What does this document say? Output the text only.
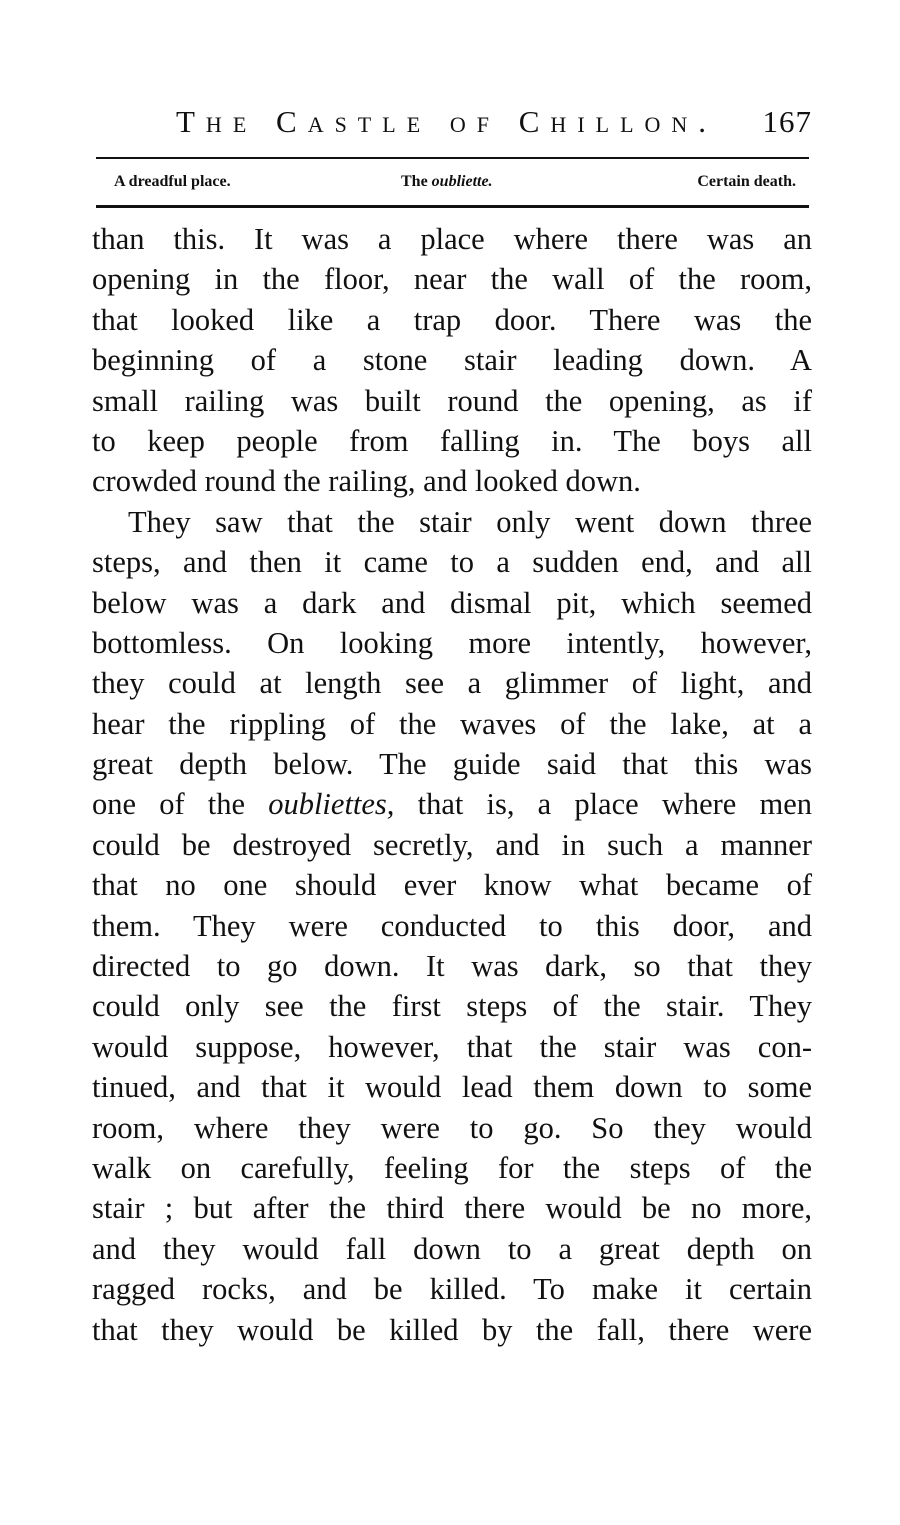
The Castle of Chillon. 167
A dreadful place.	The oubliette.	Certain death.
than this. It was a place where there was an
opening in the floor, near the wall of the room,
that looked like a trap door. There was the
beginning of a stone stair leading down. A
small railing was built round the opening, as if
to keep people from falling in. The boys all
crowded round the railing, and looked down.
They saw that the stair only went down three
steps, and then it came to a sudden end, and all
below was a dark and dismal pit, which seemed
bottomless. On looking more intently, however,
they could at length see a glimmer of light, and
hear the rippling of the waves of the lake, at a
great depth below. The guide said that this was
one of the oubliettes, that is, a place where men
could be destroyed secretly, and in such a manner
that no one should ever know what became of
them. They were conducted to this door, and
directed to go down. It was dark, so that they
could only see the first steps of the stair. They
would suppose, however, that the stair was con-
tinued, and that it would lead them down to some
room, where they were to go. So they would
walk on carefully, feeling for the steps of the
stair ; but after the third there would be no more,
and they would fall down to a great depth on
ragged rocks, and be killed. To make it certain
that they would be killed by the fall, there were
